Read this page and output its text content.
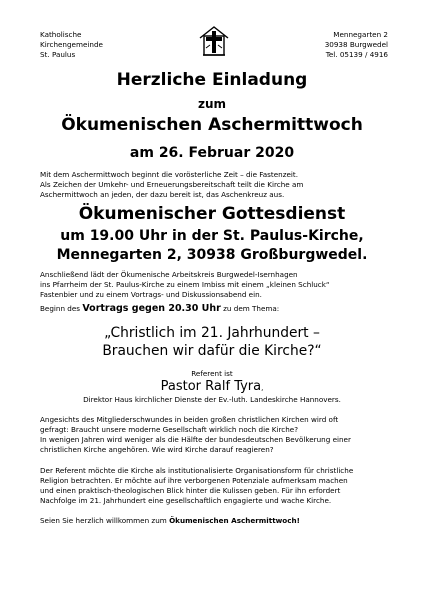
Katholische
Kirchengemeinde
St. Paulus
Mennegarten 2
30938 Burgwedel
Tel. 05139 / 4916
Herzliche Einladung
zum
Ökumenischen Aschermittwoch
am 26. Februar 2020
Mit dem Aschermittwoch beginnt die vorösterliche Zeit – die Fastenzeit.
Als Zeichen der Umkehr- und Erneuerungsbereitschaft teilt die Kirche am
Aschermittwoch an jeden, der dazu bereit ist, das Aschenkreuz aus.
Ökumenischer Gottesdienst
um 19.00 Uhr in der St. Paulus-Kirche,
Mennegarten 2, 30938 Großburgwedel.
Anschließend lädt der Ökumenische Arbeitskreis Burgwedel-Isernhagen
ins Pfarrheim der St. Paulus-Kirche zu einem Imbiss mit einem „kleinen Schluck“
Fastenbier und zu einem Vortrags- und Diskussionsabend ein.
Beginn des Vortrags gegen 20.30 Uhr zu dem Thema:
„Christlich im 21. Jahrhundert –
Brauchen wir dafür die Kirche?“
Referent ist
Pastor Ralf Tyra,
Direktor Haus kirchlicher Dienste der Ev.-luth. Landeskirche Hannovers.
Angesichts des Mitgliederschwundes in beiden großen christlichen Kirchen wird oft
gefragt: Braucht unsere moderne Gesellschaft wirklich noch die Kirche?
In wenigen Jahren wird weniger als die Hälfte der bundesdeutschen Bevölkerung einer
christlichen Kirche angehören. Wie wird Kirche darauf reagieren?
Der Referent möchte die Kirche als institutionalisierte Organisationsform für christliche
Religion betrachten. Er möchte auf ihre verborgenen Potenziale aufmerksam machen
und einen praktisch-theologischen Blick hinter die Kulissen geben. Für ihn erfordert
Nachfolge im 21. Jahrhundert eine gesellschaftlich engagierte und wache Kirche.
Seien Sie herzlich willkommen zum Ökumenischen Aschermittwoch!
